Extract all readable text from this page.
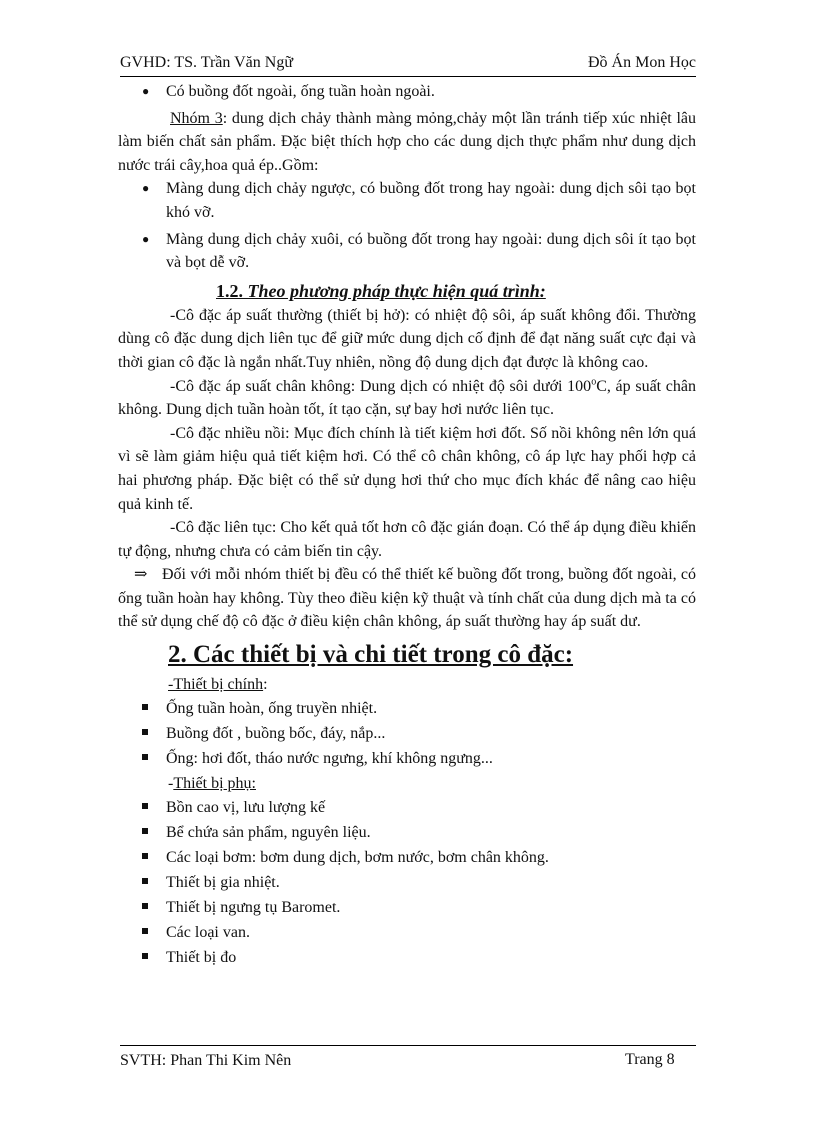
GVHD: TS. Trần Văn Ngữ	Đồ Án Mon Học
● Có buồng đốt ngoài, ống tuần hoàn ngoài.

Nhóm 3: dung dịch chảy thành màng mỏng,chảy một lần tránh tiếp xúc nhiệt lâu làm biến chất sản phẩm. Đặc biệt thích hợp cho các dung dịch thực phẩm như dung dịch nước trái cây,hoa quả ép..Gồm:

● Màng dung dịch chảy ngược, có buồng đốt trong hay ngoài: dung dịch sôi tạo bọt khó vỡ.
● Màng dung dịch chảy xuôi, có buồng đốt trong hay ngoài: dung dịch sôi ít tạo bọt và bọt dễ vỡ.
1.2. Theo phương pháp thực hiện quá trình:

-Cô đặc áp suất thường (thiết bị hở): có nhiệt độ sôi, áp suất không đổi. Thường dùng cô đặc dung dịch liên tục để giữ mức dung dịch cố định để đạt năng suất cực đại và thời gian cô đặc là ngắn nhất.Tuy nhiên, nồng độ dung dịch đạt được là không cao.

-Cô đặc áp suất chân không: Dung dịch có nhiệt độ sôi dưới 100$^o$C, áp suất chân không. Dung dịch tuần hoàn tốt, ít tạo cặn, sự bay hơi nước liên tục.

-Cô đặc nhiều nồi: Mục đích chính là tiết kiệm hơi đốt. Số nồi không nên lớn quá vì sẽ làm giảm hiệu quả tiết kiệm hơi. Có thể cô chân không, cô áp lực hay phối hợp cả hai phương pháp. Đặc biệt có thể sử dụng hơi thứ cho mục đích khác để nâng cao hiệu quả kinh tế.

-Cô đặc liên tục: Cho kết quả tốt hơn cô đặc gián đoạn. Có thể áp dụng điều khiển tự động, nhưng chưa có cảm biến tin cậy.

⇒ Đối với mỗi nhóm thiết bị đều có thể thiết kế buồng đốt trong, buồng đốt ngoài, có ống tuần hoàn hay không. Tùy theo điều kiện kỹ thuật và tính chất của dung dịch mà ta có thể sử dụng chế độ cô đặc ở điều kiện chân không, áp suất thường hay áp suất dư.

2. Các thiết bị và chi tiết trong cô đặc:
-Thiết bị chính:
Ống tuần hoàn, ống truyền nhiệt.
Buồng đốt , buồng bốc, đáy, nắp...
Ống: hơi đốt, tháo nước ngưng, khí không ngưng...
-Thiết bị phụ:
Bồn cao vị, lưu lượng kế
Bể chứa sản phẩm, nguyên liệu.
Các loại bơm: bơm dung dịch, bơm nước, bơm chân không.
Thiết bị gia nhiệt.
Thiết bị ngưng tụ Baromet.
Các loại van.
Thiết bị đo
SVTH: Phan Thi Kim Nên	Trang 8
